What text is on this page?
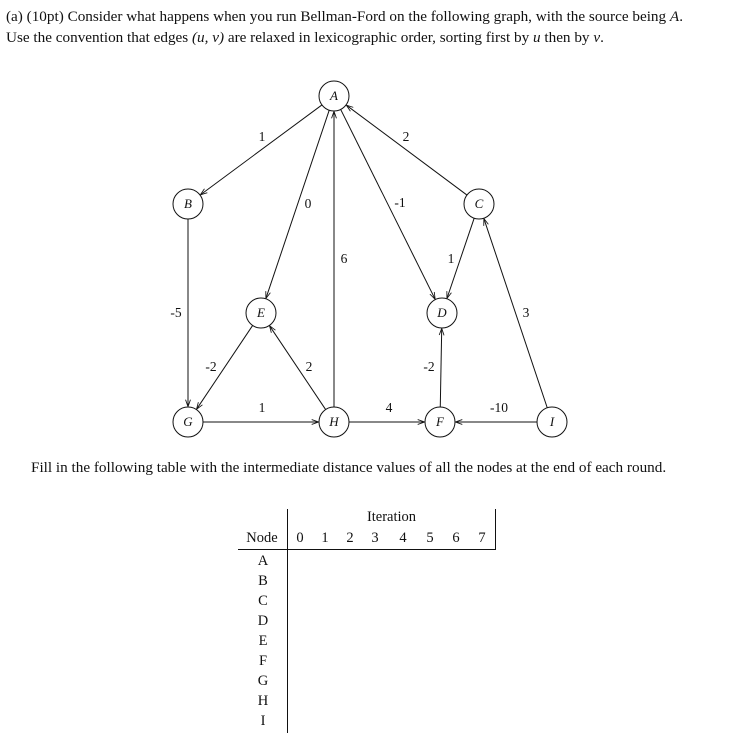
(a) (10pt) Consider what happens when you run Bellman-Ford on the following graph, with the source being A. Use the convention that edges (u, v) are relaxed in lexicographic order, sorting first by u then by v.
1
0
6
-1
2
-5
-2	2
1	4
1
-2
-10
3
A
B	C
D
E
F
G	H	I
Fill in the following table with the intermediate distance values of all the nodes at the end of each round.
Iteration
Node	0	1	2	3	4	5	6	7
A
B
C
D
E
F
G
H
I
